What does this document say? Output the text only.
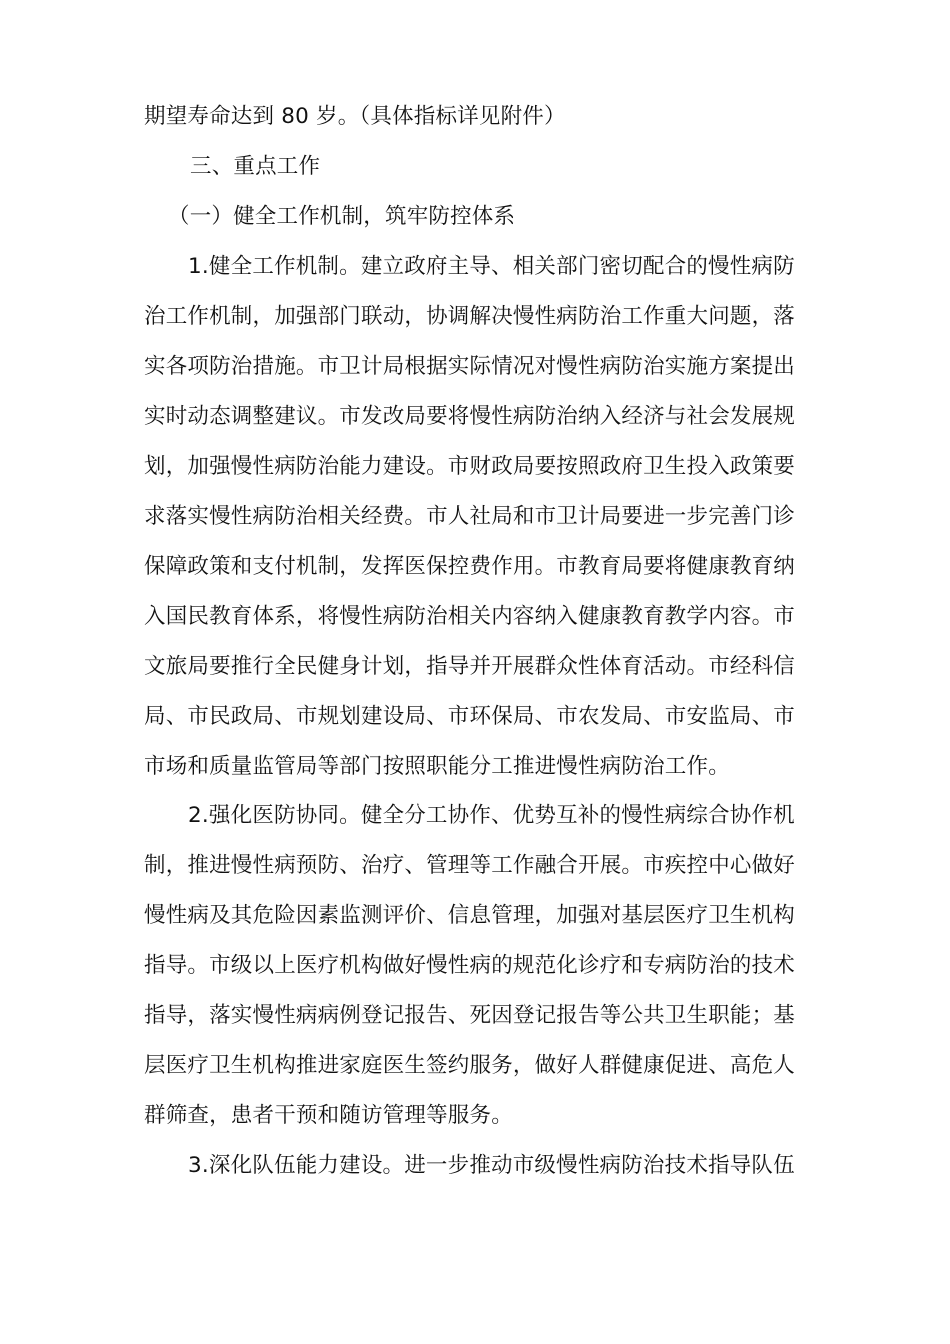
期望寿命达到 80 岁。（具体指标详见附件）
三、重点工作
（一）健全工作机制，筑牢防控体系
1.健全工作机制。建立政府主导、相关部门密切配合的慢性病防
治工作机制，加强部门联动，协调解决慢性病防治工作重大问题，落
实各项防治措施。市卫计局根据实际情况对慢性病防治实施方案提出
实时动态调整建议。市发改局要将慢性病防治纳入经济与社会发展规
划，加强慢性病防治能力建设。市财政局要按照政府卫生投入政策要
求落实慢性病防治相关经费。市人社局和市卫计局要进一步完善门诊
保障政策和支付机制，发挥医保控费作用。市教育局要将健康教育纳
入国民教育体系，将慢性病防治相关内容纳入健康教育教学内容。市
文旅局要推行全民健身计划，指导并开展群众性体育活动。市经科信
局、市民政局、市规划建设局、市环保局、市农发局、市安监局、市
市场和质量监管局等部门按照职能分工推进慢性病防治工作。
2.强化医防协同。健全分工协作、优势互补的慢性病综合协作机
制，推进慢性病预防、治疗、管理等工作融合开展。市疾控中心做好
慢性病及其危险因素监测评价、信息管理，加强对基层医疗卫生机构
指导。市级以上医疗机构做好慢性病的规范化诊疗和专病防治的技术
指导，落实慢性病病例登记报告、死因登记报告等公共卫生职能；基
层医疗卫生机构推进家庭医生签约服务，做好人群健康促进、高危人
群筛查，患者干预和随访管理等服务。
3.深化队伍能力建设。进一步推动市级慢性病防治技术指导队伍
